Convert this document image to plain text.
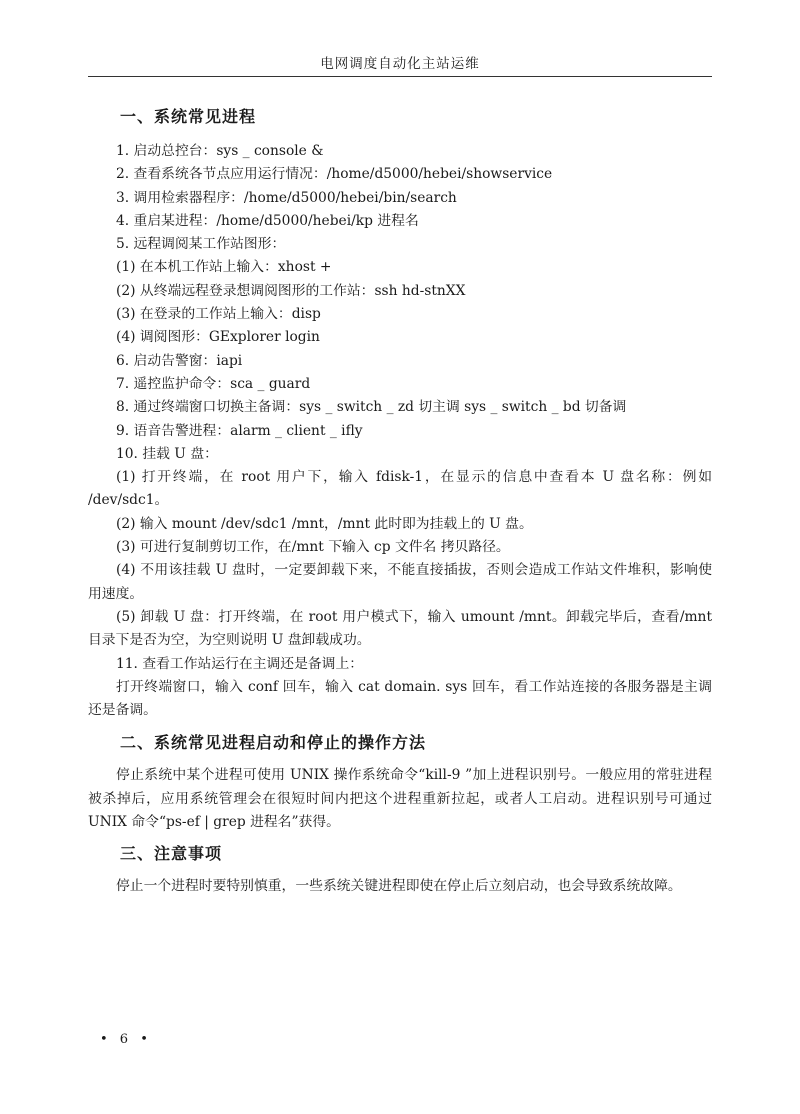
电网调度自动化主站运维
一、系统常见进程

1. 启动总控台：sys _ console &

2. 查看系统各节点应用运行情况：/home/d5000/hebei/showservice

3. 调用检索器程序：/home/d5000/hebei/bin/search

4. 重启某进程：/home/d5000/hebei/kp 进程名

5. 远程调阅某工作站图形：

(1) 在本机工作站上输入：xhost +

(2) 从终端远程登录想调阅图形的工作站：ssh hd-stnXX

(3) 在登录的工作站上输入：disp

(4) 调阅图形：GExplorer login

6. 启动告警窗：iapi

7. 遥控监护命令：sca _ guard

8. 通过终端窗口切换主备调：sys _ switch _ zd 切主调 sys _ switch _ bd 切备调

9. 语音告警进程：alarm _ client _ ifly

10. 挂载 U 盘：

(1) 打开终端，在 root 用户下，输入 fdisk-1，在显示的信息中查看本 U 盘名称：例如 /dev/sdc1。

(2) 输入 mount /dev/sdc1 /mnt，/mnt 此时即为挂载上的 U 盘。

(3) 可进行复制剪切工作，在/mnt 下输入 cp 文件名 拷贝路径。

(4) 不用该挂载 U 盘时，一定要卸载下来，不能直接插拔，否则会造成工作站文件堆积，影响使用速度。

(5) 卸载 U 盘：打开终端，在 root 用户模式下，输入 umount /mnt。卸载完毕后，查看/mnt 目录下是否为空，为空则说明 U 盘卸载成功。

11. 查看工作站运行在主调还是备调上：

打开终端窗口，输入 conf 回车，输入 cat domain. sys 回车，看工作站连接的各服务器是主调还是备调。

二、系统常见进程启动和停止的操作方法

停止系统中某个进程可使用 UNIX 操作系统命令“kill-9 ”加上进程识别号。一般应用的常驻进程被杀掉后，应用系统管理会在很短时间内把这个进程重新拉起，或者人工启动。进程识别号可通过 UNIX 命令“ps-ef | grep 进程名”获得。

三、注意事项

停止一个进程时要特别慎重，一些系统关键进程即使在停止后立刻启动，也会导致系统故障。

• 6 •
